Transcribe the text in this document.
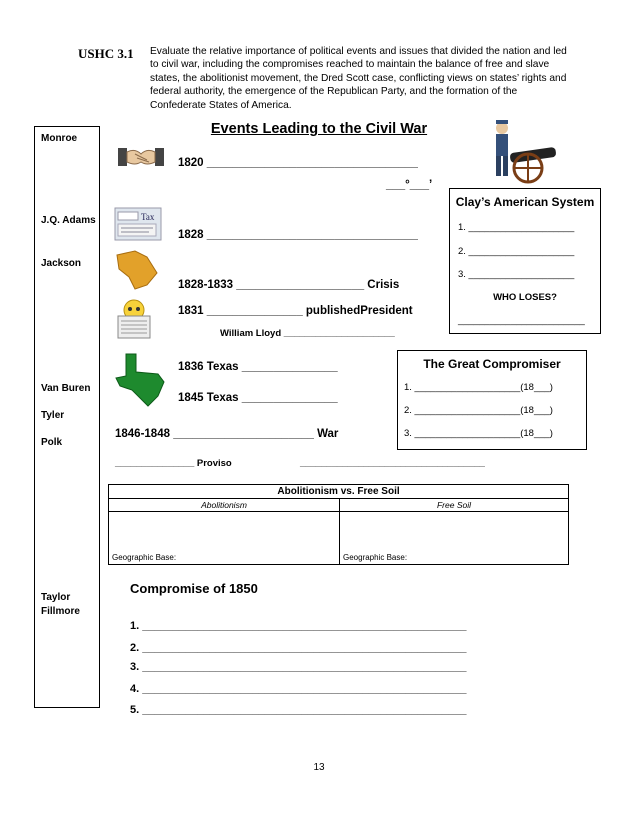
USHC 3.1 Evaluate the relative importance of political events and issues that divided the nation and led to civil war, including the compromises reached to maintain the balance of free and slave states, the abolitionist movement, the Dred Scott case, conflicting views on states’ rights and federal authority, the emergence of the Republican Party, and the formation of the Confederate States of America.
Monroe
J.Q. Adams
Jackson
Van Buren
Tyler
Polk
Taylor
Fillmore
Events Leading to the Civil War
Tax
1820 _________________________________
___°___’
1828 _________________________________
1828-1833 ____________________ Crisis
1831 _______________ publishedPresident
William Lloyd _____________________
1836 Texas _______________
1845 Texas _______________
1846-1848 ______________________ War
_______________ Proviso	___________________________________
Clay’s American System
1. ____________________
2. ____________________
3. ____________________
WHO LOSES?
________________________
The Great Compromiser
1. ____________________(18___)
2. ____________________(18___)
3. ____________________(18___)
Abolitionism vs. Free Soil	
Abolitionism	Free Soil
Geographic Base:	Geographic Base:
Compromise of 1850
1. _____________________________________________________
2. _____________________________________________________
3. _____________________________________________________
4. _____________________________________________________
5. _____________________________________________________
13
